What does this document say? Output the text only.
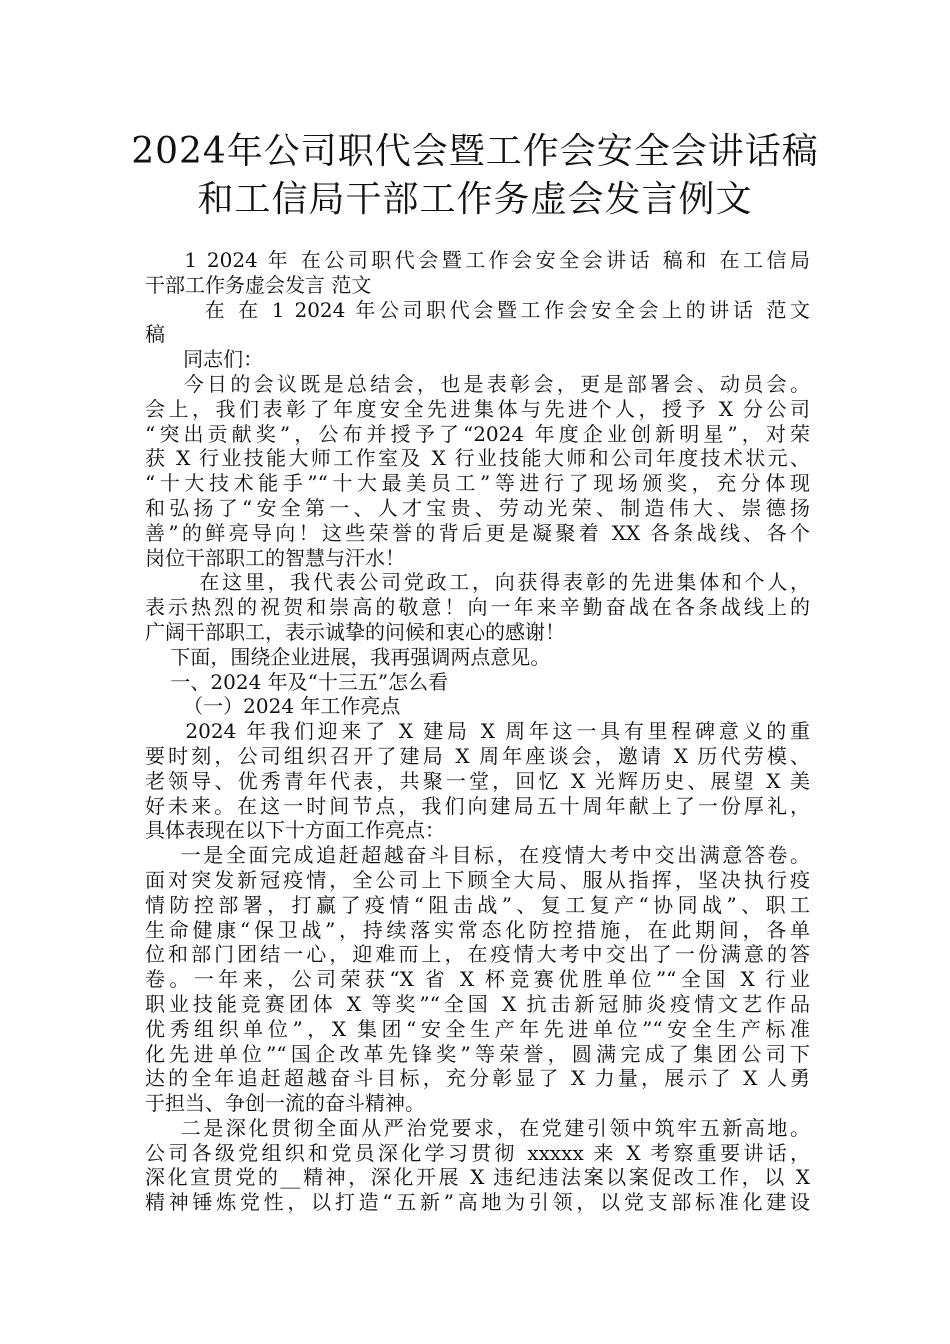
2024年公司职代会暨工作会安全会讲话稿
和工信局干部工作务虚会发言例文
1 2024 年 在公司职代会暨工作会安全会讲话 稿和 在工信局
干部工作务虚会发言 范文
在 在 1 2024 年公司职代会暨工作会安全会上的讲话 范文
稿
同志们：
今日的会议既是总结会，也是表彰会，更是部署会、动员会。
会上，我们表彰了年度安全先进集体与先进个人，授予 X 分公司
“突出贡献奖”，公布并授予了“2024 年度企业创新明星”，对荣
获 X 行业技能大师工作室及 X 行业技能大师和公司年度技术状元、
“十大技术能手”“十大最美员工”等进行了现场颁奖，充分体现
和弘扬了“安全第一、人才宝贵、劳动光荣、制造伟大、崇德扬
善”的鲜亮导向！这些荣誉的背后更是凝聚着 XX 各条战线、各个
岗位干部职工的智慧与汗水！
在这里，我代表公司党政工，向获得表彰的先进集体和个人，
表示热烈的祝贺和崇高的敬意！向一年来辛勤奋战在各条战线上的
广阔干部职工，表示诚挚的问候和衷心的感谢！
下面，围绕企业进展，我再强调两点意见。
一、2024 年及“十三五”怎么看
（一）2024 年工作亮点
2024 年我们迎来了 X 建局 X 周年这一具有里程碑意义的重
要时刻，公司组织召开了建局 X 周年座谈会，邀请 X 历代劳模、
老领导、优秀青年代表，共聚一堂，回忆 X 光辉历史、展望 X 美
好未来。在这一时间节点，我们向建局五十周年献上了一份厚礼，
具体表现在以下十方面工作亮点：
一是全面完成追赶超越奋斗目标，在疫情大考中交出满意答卷。
面对突发新冠疫情，全公司上下顾全大局、服从指挥，坚决执行疫
情防控部署，打赢了疫情“阻击战”、复工复产“协同战”、职工
生命健康“保卫战”，持续落实常态化防控措施，在此期间，各单
位和部门团结一心，迎难而上，在疫情大考中交出了一份满意的答
卷。一年来，公司荣获“X 省 X 杯竞赛优胜单位”“全国 X 行业
职业技能竞赛团体 X 等奖”“全国 X 抗击新冠肺炎疫情文艺作品
优秀组织单位”，X 集团“安全生产年先进单位”“安全生产标准
化先进单位”“国企改革先锋奖”等荣誉，圆满完成了集团公司下
达的全年追赶超越奋斗目标，充分彰显了 X 力量，展示了 X 人勇
于担当、争创一流的奋斗精神。
二是深化贯彻全面从严治党要求，在党建引领中筑牢五新高地。
公司各级党组织和党员深化学习贯彻 xxxxx 来 X 考察重要讲话，
深化宣贯党的__精神，深化开展 X 违纪违法案以案促改工作，以 X
精神锤炼党性，以打造“五新”高地为引领，以党支部标准化建设
